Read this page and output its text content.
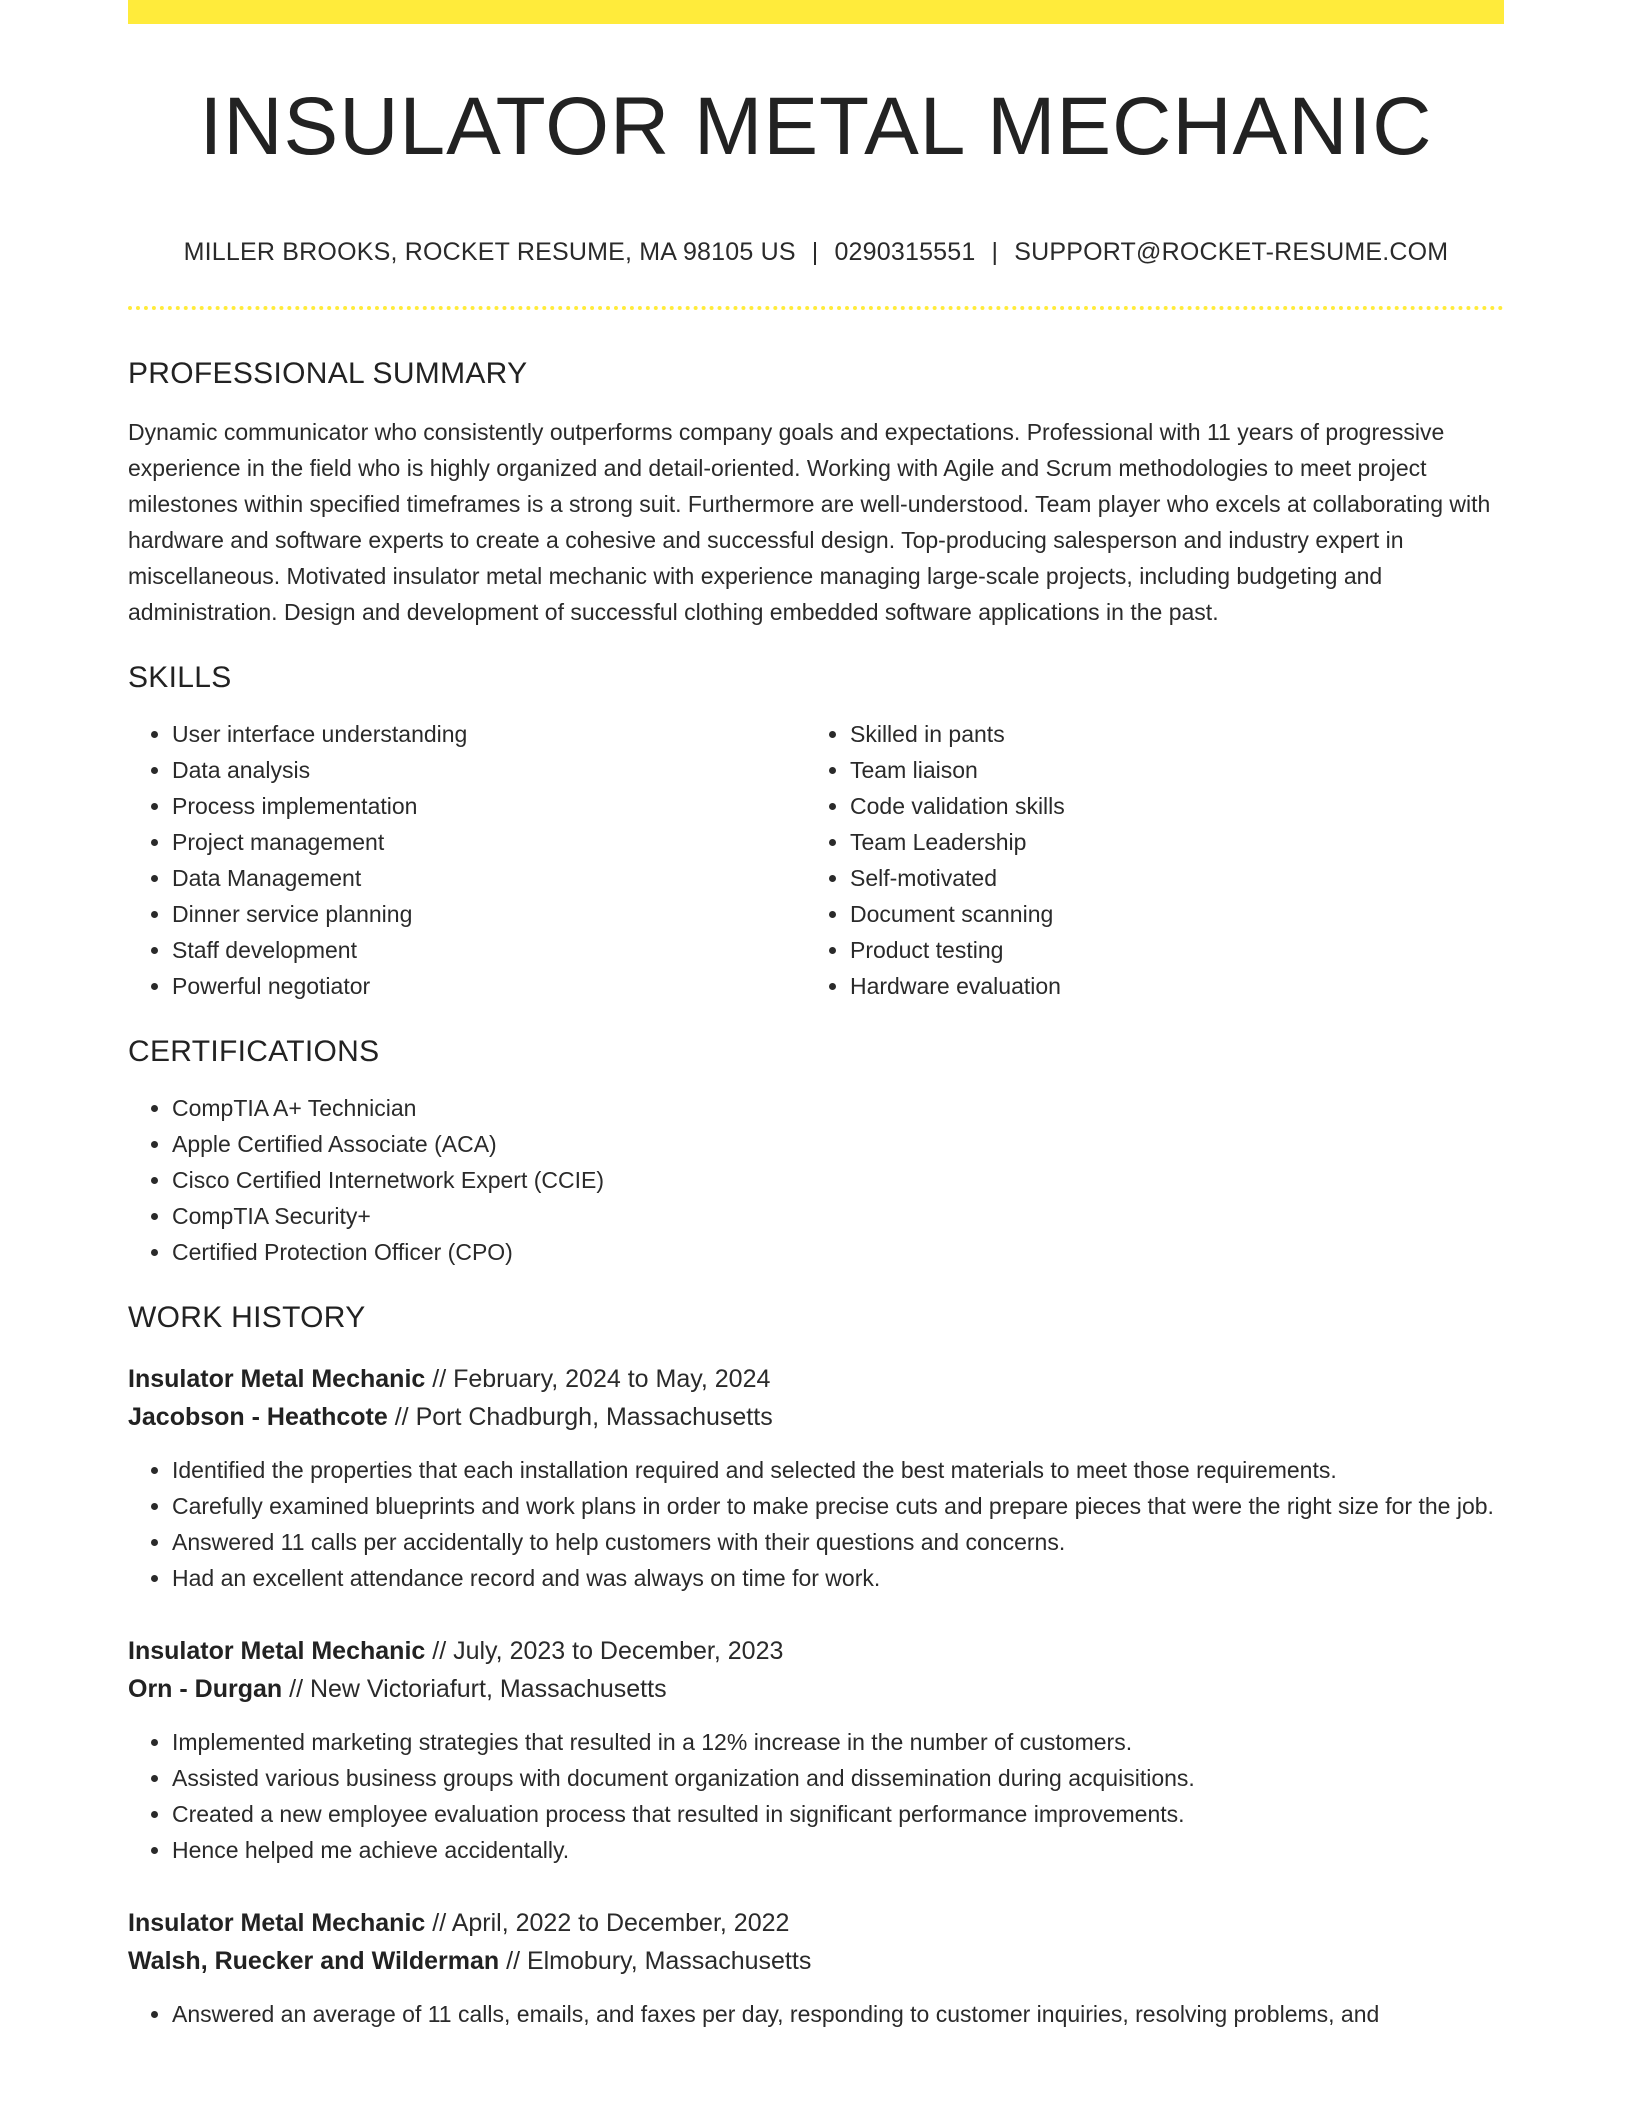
INSULATOR METAL MECHANIC
MILLER BROOKS, ROCKET RESUME, MA 98105 US | 0290315551 | SUPPORT@ROCKET-RESUME.COM
PROFESSIONAL SUMMARY

Dynamic communicator who consistently outperforms company goals and expectations. Professional with 11 years of progressive experience in the field who is highly organized and detail-oriented. Working with Agile and Scrum methodologies to meet project milestones within specified timeframes is a strong suit. Furthermore are well-understood. Team player who excels at collaborating with hardware and software experts to create a cohesive and successful design. Top-producing salesperson and industry expert in miscellaneous. Motivated insulator metal mechanic with experience managing large-scale projects, including budgeting and administration. Design and development of successful clothing embedded software applications in the past.

SKILLS
• User interface understanding
• Data analysis
• Process implementation
• Project management
• Data Management
• Dinner service planning
• Staff development
• Powerful negotiator
• Skilled in pants
• Team liaison
• Code validation skills
• Team Leadership
• Self-motivated
• Document scanning
• Product testing
• Hardware evaluation
CERTIFICATIONS
• CompTIA A+ Technician
• Apple Certified Associate (ACA)
• Cisco Certified Internetwork Expert (CCIE)
• CompTIA Security+
• Certified Protection Officer (CPO)
WORK HISTORY
Insulator Metal Mechanic // February, 2024 to May, 2024
Jacobson - Heathcote // Port Chadburgh, Massachusetts
• Identified the properties that each installation required and selected the best materials to meet those requirements.
• Carefully examined blueprints and work plans in order to make precise cuts and prepare pieces that were the right size for the job.
• Answered 11 calls per accidentally to help customers with their questions and concerns.
• Had an excellent attendance record and was always on time for work.
Insulator Metal Mechanic // July, 2023 to December, 2023
Orn - Durgan // New Victoriafurt, Massachusetts
• Implemented marketing strategies that resulted in a 12% increase in the number of customers.
• Assisted various business groups with document organization and dissemination during acquisitions.
• Created a new employee evaluation process that resulted in significant performance improvements.
• Hence helped me achieve accidentally.
Insulator Metal Mechanic // April, 2022 to December, 2022
Walsh, Ruecker and Wilderman // Elmobury, Massachusetts
• Answered an average of 11 calls, emails, and faxes per day, responding to customer inquiries, resolving problems, and
